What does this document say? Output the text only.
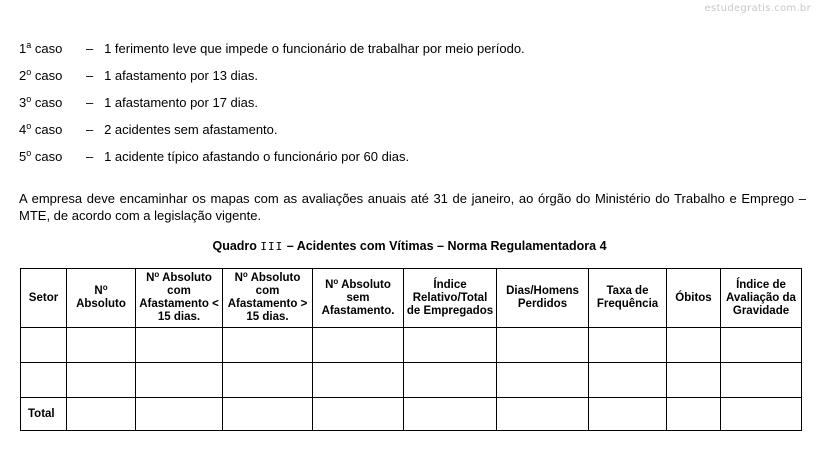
estudegratis.com.br
1$^a$ caso – 1 ferimento leve que impede o funcionário de trabalhar por meio período.
2$^o$ caso – 1 afastamento por 13 dias.
3$^o$ caso – 1 afastamento por 17 dias.
4$^o$ caso – 2 acidentes sem afastamento.
5$^o$ caso – 1 acidente típico afastando o funcionário por 60 dias.
A empresa deve encaminhar os mapas com as avaliações anuais até 31 de janeiro, ao órgão do Ministério do Trabalho e Emprego – MTE, de acordo com a legislação vigente.
Quadro III – Acidentes com Vítimas – Norma Regulamentadora 4
Setor	$N^o$ Absoluto	$N^o$ Absoluto com Afastamento < 15 dias.	$N^o$ Absoluto com Afastamento > 15 dias.	$N^o$ Absoluto sem Afastamento.	Índice Relativo/Total de Empregados	Dias/Homens Perdidos	Taxa de Frequência	Óbitos	Índice de Avaliação da Gravidade

Total									
